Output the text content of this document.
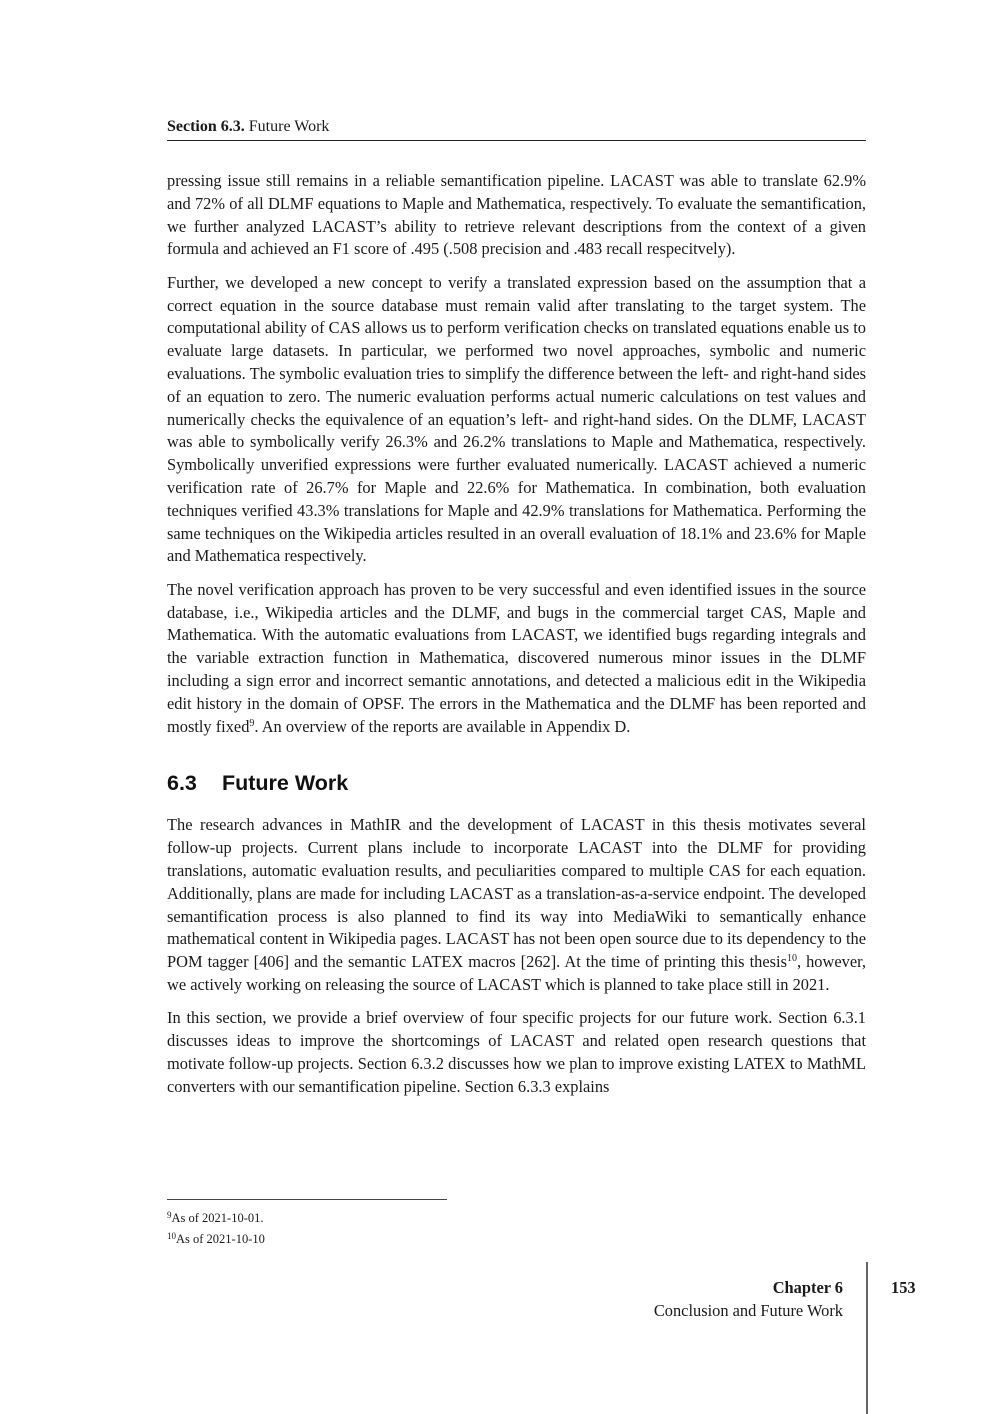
Section 6.3. Future Work

pressing issue still remains in a reliable semantification pipeline. LACAST was able to translate 62.9% and 72% of all DLMF equations to Maple and Mathematica, respectively. To evaluate the semantification, we further analyzed LACAST’s ability to retrieve relevant descriptions from the context of a given formula and achieved an F1 score of .495 (.508 precision and .483 recall respecitvely).

Further, we developed a new concept to verify a translated expression based on the assumption that a correct equation in the source database must remain valid after translating to the target system. The computational ability of CAS allows us to perform verification checks on translated equations enable us to evaluate large datasets. In particular, we performed two novel approaches, symbolic and numeric evaluations. The symbolic evaluation tries to simplify the difference between the left- and right-hand sides of an equation to zero. The numeric evaluation performs actual numeric calculations on test values and numerically checks the equivalence of an equation’s left- and right-hand sides. On the DLMF, LACAST was able to symbolically verify 26.3% and 26.2% translations to Maple and Mathematica, respectively. Symbolically unverified expressions were further evaluated numerically. LACAST achieved a numeric verification rate of 26.7% for Maple and 22.6% for Mathematica. In combination, both evaluation techniques verified 43.3% translations for Maple and 42.9% translations for Mathematica. Performing the same techniques on the Wikipedia articles resulted in an overall evaluation of 18.1% and 23.6% for Maple and Mathematica respectively.

The novel verification approach has proven to be very successful and even identified issues in the source database, i.e., Wikipedia articles and the DLMF, and bugs in the commercial target CAS, Maple and Mathematica. With the automatic evaluations from LACAST, we identified bugs regarding integrals and the variable extraction function in Mathematica, discovered numerous minor issues in the DLMF including a sign error and incorrect semantic annotations, and detected a malicious edit in the Wikipedia edit history in the domain of OPSF. The errors in the Mathematica and the DLMF has been reported and mostly fixed$^9$. An overview of the reports are available in Appendix D.

6.3 Future Work

The research advances in MathIR and the development of LACAST in this thesis motivates several follow-up projects. Current plans include to incorporate LACAST into the DLMF for providing translations, automatic evaluation results, and peculiarities compared to multiple CAS for each equation. Additionally, plans are made for including LACAST as a translation-as-a-service endpoint. The developed semantification process is also planned to find its way into MediaWiki to semantically enhance mathematical content in Wikipedia pages. LACAST has not been open source due to its dependency to the POM tagger [406] and the semantic LATEX macros [262]. At the time of printing this thesis$^{10}$, however, we actively working on releasing the source of LACAST which is planned to take place still in 2021.

In this section, we provide a brief overview of four specific projects for our future work. Section 6.3.1 discusses ideas to improve the shortcomings of LACAST and related open research questions that motivate follow-up projects. Section 6.3.2 discusses how we plan to improve existing LATEX to MathML converters with our semantification pipeline. Section 6.3.3 explains

$^9$As of 2021-10-01.
$^{10}$As of 2021-10-10
Chapter 6
Conclusion and Future Work
153
